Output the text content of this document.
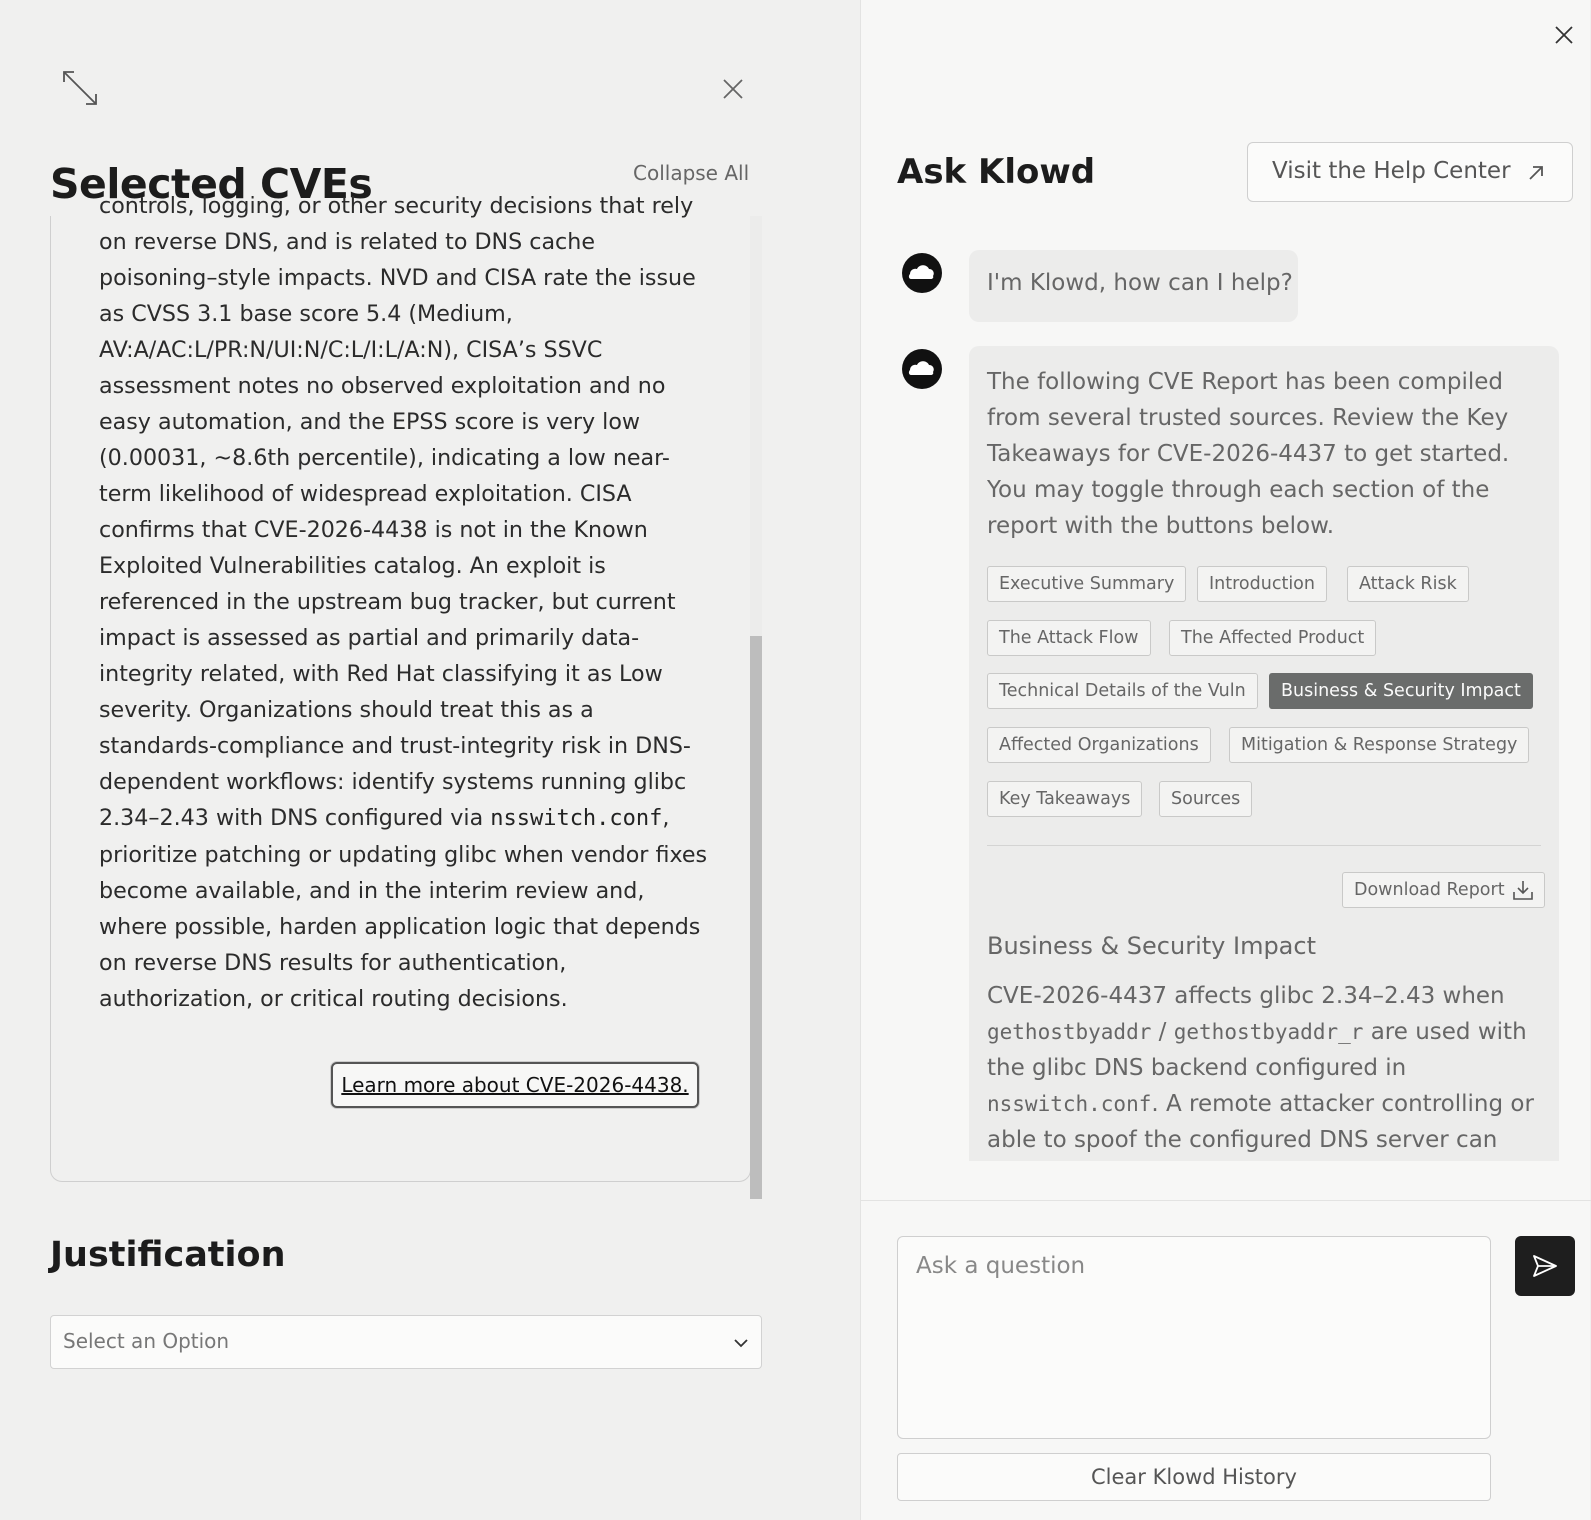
Selected CVEs	Collapse All
controls, logging, or other security decisions that rely on reverse DNS, and is related to DNS cache poisoning–style impacts. NVD and CISA rate the issue as CVSS 3.1 base score 5.4 (Medium, AV:A/AC:L/PR:N/UI:N/C:L/I:L/A:N), CISA’s SSVC assessment notes no observed exploitation and no easy automation, and the EPSS score is very low (0.00031, ~8.6th percentile), indicating a low near-term likelihood of widespread exploitation. CISA confirms that CVE-2026-4438 is not in the Known Exploited Vulnerabilities catalog. An exploit is referenced in the upstream bug tracker, but current impact is assessed as partial and primarily data-integrity related, with Red Hat classifying it as Low severity. Organizations should treat this as a standards-compliance and trust-integrity risk in DNS-dependent workflows: identify systems running glibc 2.34–2.43 with DNS configured via nsswitch.conf, prioritize patching or updating glibc when vendor fixes become available, and in the interim review and, where possible, harden application logic that depends on reverse DNS results for authentication, authorization, or critical routing decisions.
Learn more about CVE-2026-4438.
Justification
Select an Option
Ask Klowd	Visit the Help Center
I'm Klowd, how can I help?
The following CVE Report has been compiled from several trusted sources. Review the Key Takeaways for CVE-2026-4437 to get started. You may toggle through each section of the report with the buttons below.
Executive Summary	Introduction	Attack Risk
The Attack Flow	The Affected Product
Technical Details of the Vuln	Business & Security Impact
Affected Organizations	Mitigation & Response Strategy
Key Takeaways	Sources
Download Report
Business & Security Impact
CVE-2026-4437 affects glibc 2.34–2.43 when gethostbyaddr / gethostbyaddr_r are used with the glibc DNS backend configured in nsswitch.conf. A remote attacker controlling or able to spoof the configured DNS server can
Ask a question
Clear Klowd History
